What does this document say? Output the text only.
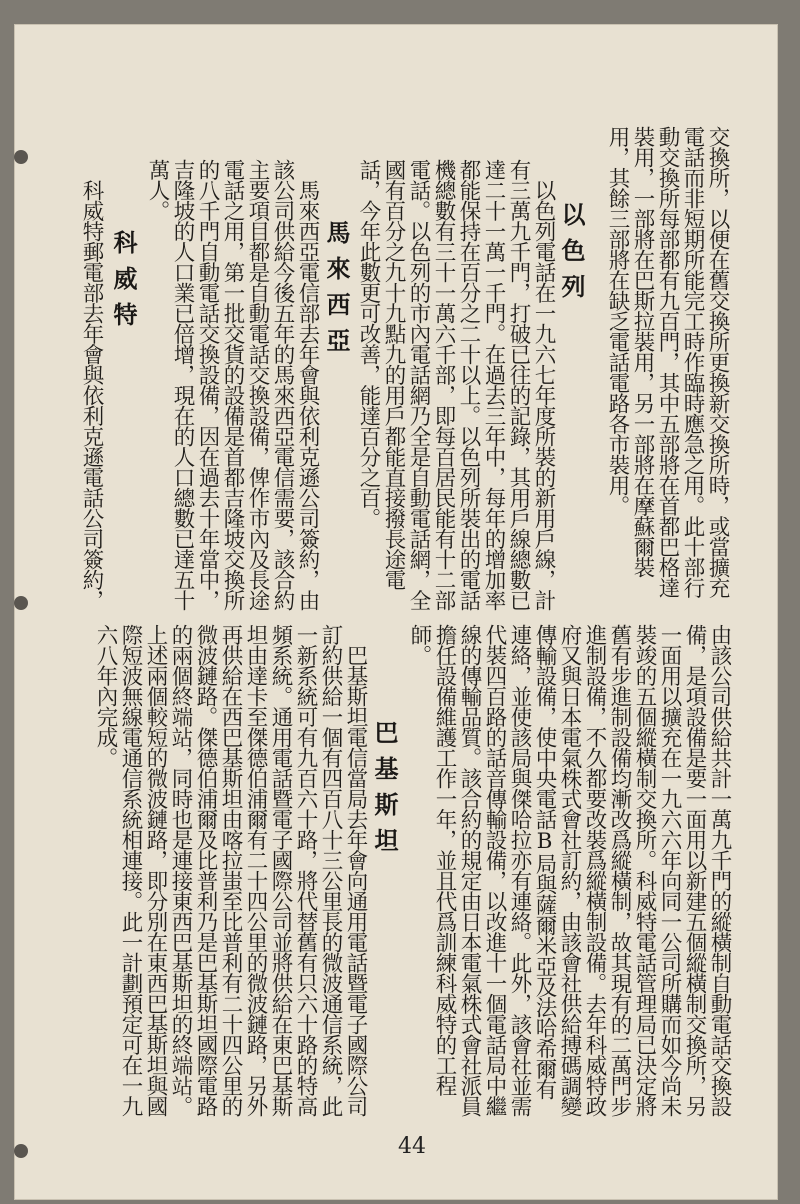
交換所，以便在舊交換所更換新交換所時，或當擴充電話而非短期所能完工時作臨時應急之用。此十部行動交換所每部都有九百門，其中五部將在首都巴格達裝用，一部將在巴斯拉裝用，另一部將在摩蘇爾裝用，其餘三部將在缺乏電話電路各市裝用。

以色列

　以色列電話在一九六七年度所裝的新用戶線，計有三萬九千門，打破已往的記錄，其用戶線總數已達二十一萬一千門。在過去三年中，每年的增加率都能保持在百分之二十以上。以色列所裝出的電話機總數有三十一萬六千部，即每百居民能有十二部電話。以色列的市內電話網乃全是自動電話網，全國有百分之九十九點九的用戶都能直接撥長途電話，今年此數更可改善，能達百分之百。

馬來西亞

　馬來西亞電信部去年會與依利克遜公司簽約，由該公司供給今後五年的馬來西亞電信需要，該合約主要項目都是自動電話交換設備，俾作市內及長途電話之用，第一批交貨的設備是首都吉隆坡交換所的八千門自動電話交換設備，因在過去十年當中，吉隆坡的人口業已倍增，現在的人口總數已達五十萬人。

科威特

　科威特郵電部去年會與依利克遜電話公司簽約，

由該公司供給共計一萬九千門的縱橫制自動電話交換設備，是項設備是要一面用以新建五個縱橫制交換所，另一面用以擴充在一九六六年向同一公司所購而如今尚未裝竣的五個縱橫制交換所。科威特電話管理局已決定將舊有步進制設備均漸改爲縱橫制，故其現有的二萬門步進制設備，不久都要改裝爲縱橫制設備。去年科威特政府又與日本電氣株式會社訂約，由該會社供給搏碼調變傳輸設備，使中央電話B局與薩爾米亞及法哈希爾有連絡，並使該局與傑哈拉亦有連絡。此外，該會社並需代裝四百路的話音傳輸設備，以改進十一個電話局中繼線的傳輸品質。該合約的規定由日本電氣株式會社派員擔任設備維護工作一年，並且代爲訓練科威特的工程師。

巴基斯坦

　巴基斯坦電信當局去年會向通用電話暨電子國際公司訂約供給一個有四百八十三公里長的微波通信系統，此一新系統可有九百六十路，將代替舊有只六十路的特高頻系統。通用電話暨電子國際公司並將供給在東巴基斯坦由達卡至傑德伯浦爾有二十四公里的微波鏈路，另外再供給在西巴基斯坦由喀拉蚩至比普利有二十四公里的微波鏈路。傑德伯浦爾及比普利乃是巴基斯坦國際電路的兩個終端站，同時也是連接東西巴基斯坦的終端站。上述兩個較短的微波鏈路，即分別在東西巴基斯坦與國際短波無線電通信系統相連接。此一計劃預定可在一九六八年內完成。

44
